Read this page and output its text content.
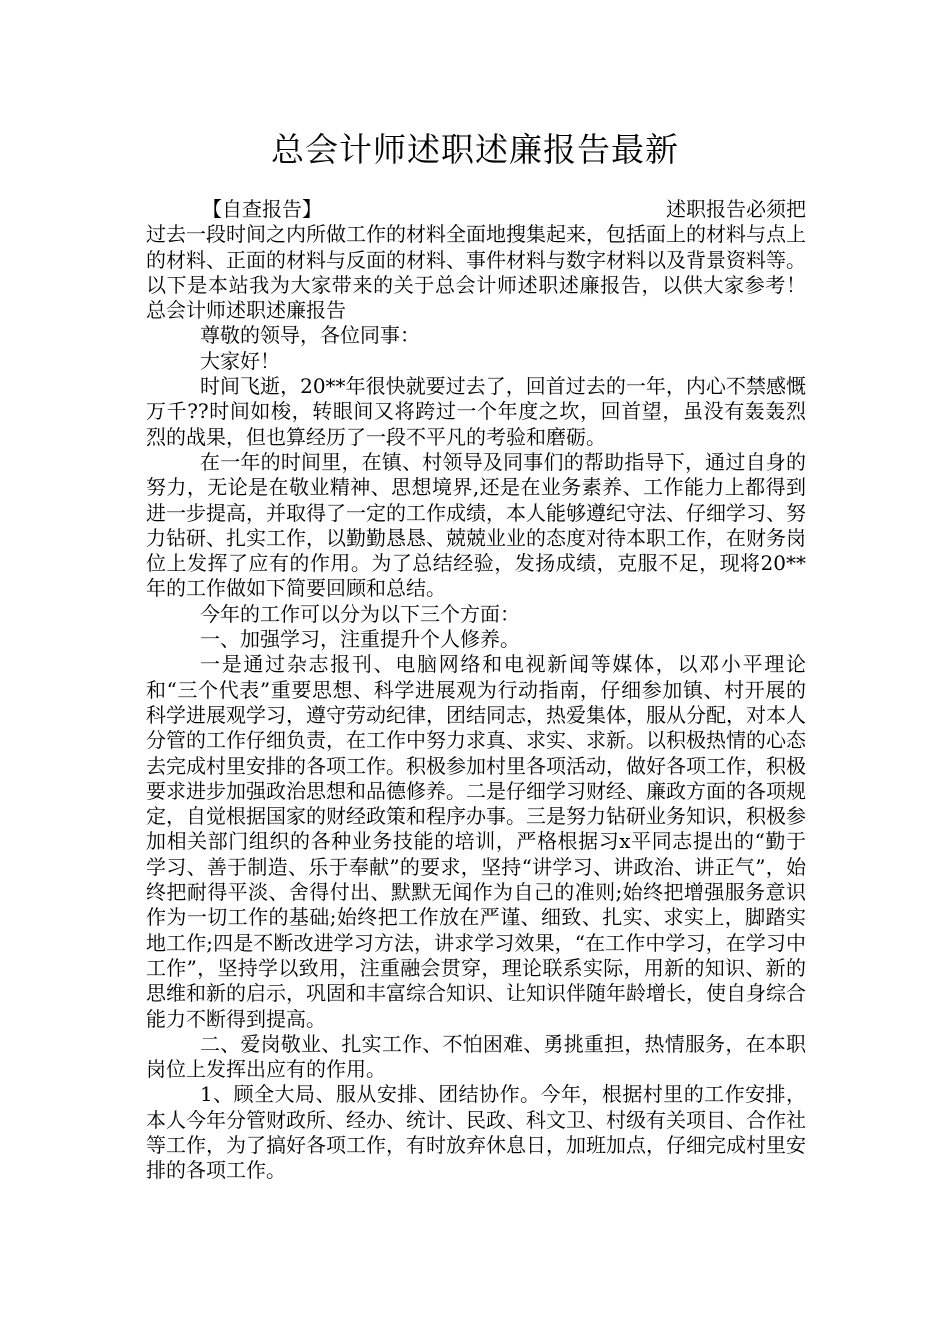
总会计师述职述廉报告最新
【自查报告】	述职报告必须把

过去一段时间之内所做工作的材料全面地搜集起来，包括面上的材料与点上的材料、正面的材料与反面的材料、事件材料与数字材料以及背景资料等。以下是本站我为大家带来的关于总会计师述职述廉报告，以供大家参考！　　总会计师述职述廉报告

尊敬的领导，各位同事：

大家好！

时间飞逝，20**年很快就要过去了，回首过去的一年，内心不禁感慨万千??时间如梭，转眼间又将跨过一个年度之坎，回首望，虽没有轰轰烈烈的战果，但也算经历了一段不平凡的考验和磨砺。

在一年的时间里，在镇、村领导及同事们的帮助指导下，通过自身的努力，无论是在敬业精神、思想境界,还是在业务素养、工作能力上都得到进一步提高，并取得了一定的工作成绩，本人能够遵纪守法、仔细学习、努力钻研、扎实工作，以勤勤恳恳、兢兢业业的态度对待本职工作，在财务岗位上发挥了应有的作用。为了总结经验，发扬成绩，克服不足，现将20**年的工作做如下简要回顾和总结。

今年的工作可以分为以下三个方面：

一、加强学习，注重提升个人修养。

一是通过杂志报刊、电脑网络和电视新闻等媒体，以邓小平理论和“三个代表”重要思想、科学进展观为行动指南，仔细参加镇、村开展的科学进展观学习，遵守劳动纪律，团结同志，热爱集体，服从分配，对本人分管的工作仔细负责，在工作中努力求真、求实、求新。以积极热情的心态去完成村里安排的各项工作。积极参加村里各项活动，做好各项工作，积极要求进步加强政治思想和品德修养。二是仔细学习财经、廉政方面的各项规定，自觉根据国家的财经政策和程序办事。三是努力钻研业务知识，积极参加相关部门组织的各种业务技能的培训，严格根据习x平同志提出的“勤于学习、善于制造、乐于奉献”的要求，坚持“讲学习、讲政治、讲正气”，始终把耐得平淡、舍得付出、默默无闻作为自己的准则;始终把增强服务意识作为一切工作的基础;始终把工作放在严谨、细致、扎实、求实上，脚踏实地工作;四是不断改进学习方法，讲求学习效果，“在工作中学习，在学习中工作”，坚持学以致用，注重融会贯穿，理论联系实际，用新的知识、新的思维和新的启示，巩固和丰富综合知识、让知识伴随年龄增长，使自身综合能力不断得到提高。

二、爱岗敬业、扎实工作、不怕困难、勇挑重担，热情服务，在本职岗位上发挥出应有的作用。

1、顾全大局、服从安排、团结协作。今年，根据村里的工作安排，本人今年分管财政所、经办、统计、民政、科文卫、村级有关项目、合作社等工作，为了搞好各项工作，有时放弃休息日，加班加点，仔细完成村里安排的各项工作。
